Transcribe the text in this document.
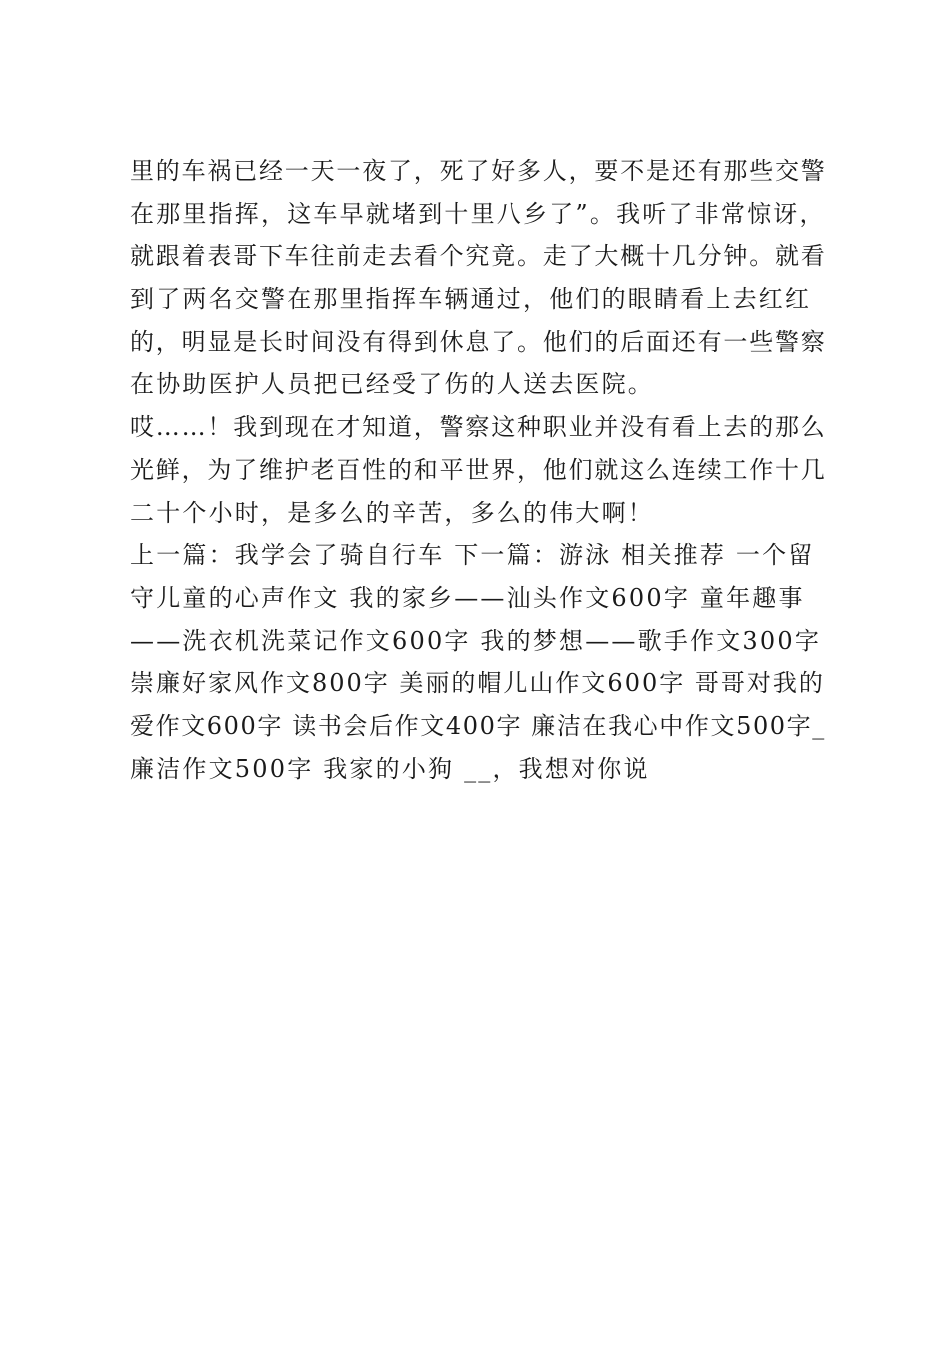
里的车祸已经一天一夜了，死了好多人，要不是还有那些交警
在那里指挥，这车早就堵到十里八乡了”。我听了非常惊讶，
就跟着表哥下车往前走去看个究竟。走了大概十几分钟。就看
到了两名交警在那里指挥车辆通过，他们的眼睛看上去红红
的，明显是长时间没有得到休息了。他们的后面还有一些警察
在协助医护人员把已经受了伤的人送去医院。
哎……！我到现在才知道，警察这种职业并没有看上去的那么
光鲜，为了维护老百性的和平世界，他们就这么连续工作十几
二十个小时，是多么的辛苦，多么的伟大啊！
上一篇：我学会了骑自行车 下一篇：游泳 相关推荐 一个留
守儿童的心声作文 我的家乡——汕头作文600字 童年趣事
——洗衣机洗菜记作文600字 我的梦想——歌手作文300字
崇廉好家风作文800字 美丽的帽儿山作文600字 哥哥对我的
爱作文600字 读书会后作文400字 廉洁在我心中作文500字_
廉洁作文500字 我家的小狗 __，我想对你说
